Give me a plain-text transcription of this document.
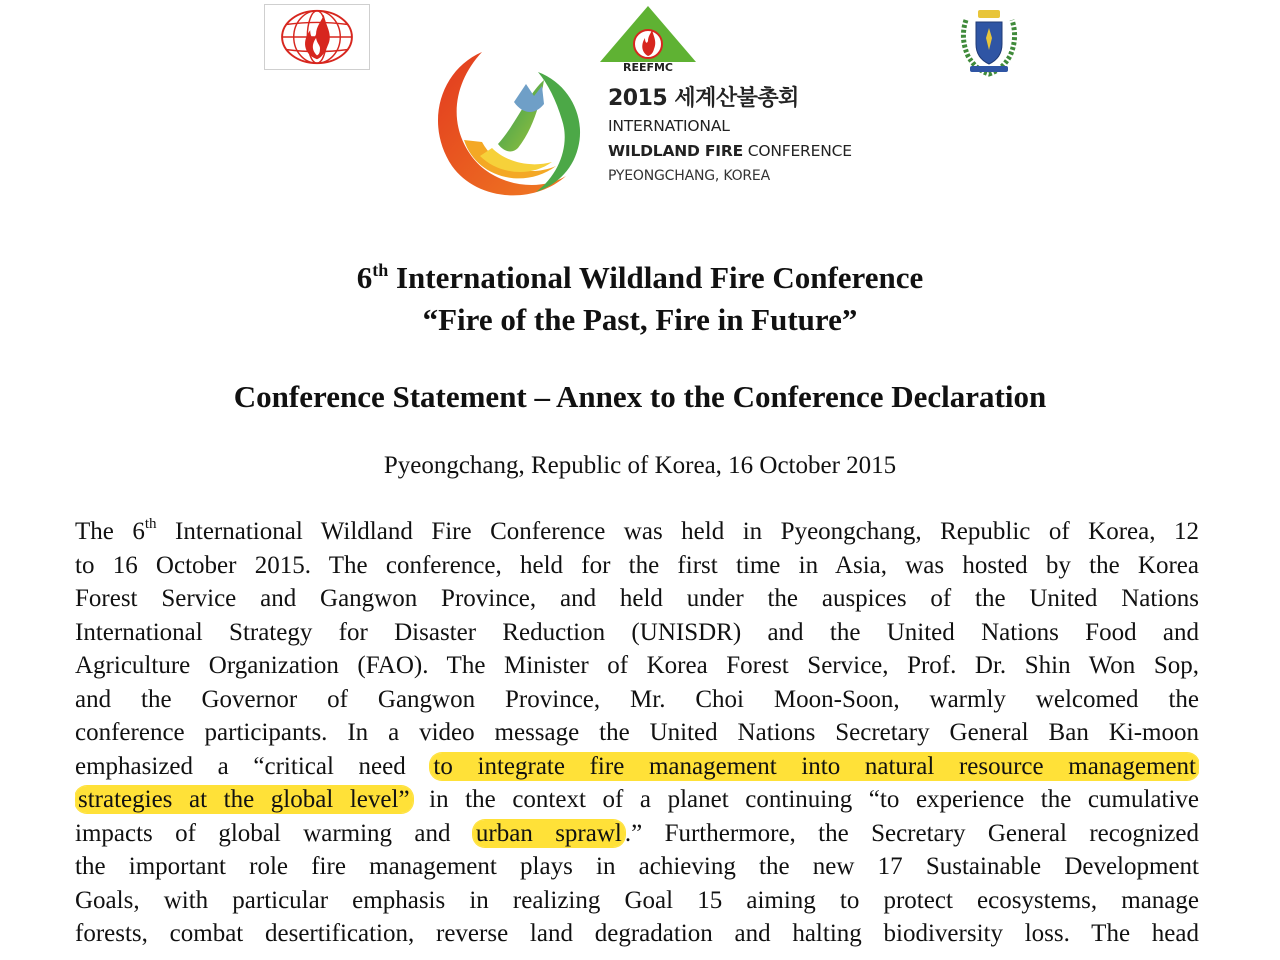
REEFMC
2015 세계산불총회
INTERNATIONAL
WILDLAND FIRE CONFERENCE
PYEONGCHANG, KOREA
6th International Wildland Fire Conference
“Fire of the Past, Fire in Future”
Conference Statement – Annex to the Conference Declaration
Pyeongchang, Republic of Korea, 16 October 2015
The 6th International Wildland Fire Conference was held in Pyeongchang, Republic of Korea, 12
to 16 October 2015. The conference, held for the first time in Asia, was hosted by the Korea
Forest Service and Gangwon Province, and held under the auspices of the United Nations
International Strategy for Disaster Reduction (UNISDR) and the United Nations Food and
Agriculture Organization (FAO). The Minister of Korea Forest Service, Prof. Dr. Shin Won Sop,
and the Governor of Gangwon Province, Mr. Choi Moon-Soon, warmly welcomed the
conference participants. In a video message the United Nations Secretary General Ban Ki-moon
emphasized a “critical need to integrate fire management into natural resource management
strategies at the global level” in the context of a planet continuing “to experience the cumulative
impacts of global warming and urban sprawl .” Furthermore, the Secretary General recognized
the important role fire management plays in achieving the new 17 Sustainable Development
Goals, with particular emphasis in realizing Goal 15 aiming to protect ecosystems, manage
forests, combat desertification, reverse land degradation and halting biodiversity loss. The head
